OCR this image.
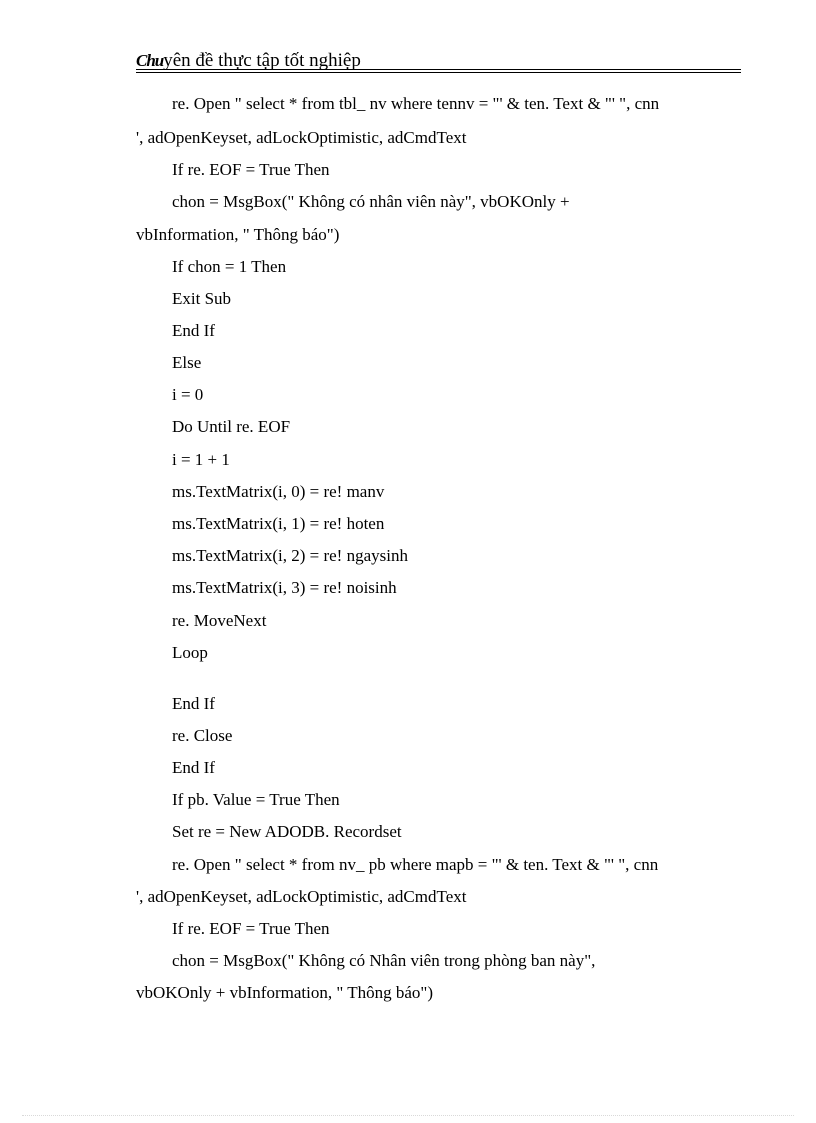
Chuyên đề thực tập tốt nghiệp
re. Open " select * from tbl_ nv where tennv = "' & ten. Text & "' ", cnn
', adOpenKeyset, adLockOptimistic, adCmdText
If re. EOF = True Then
chon = MsgBox(" Không có nhân viên này", vbOKOnly +
vbInformation, " Thông báo")
If chon = 1 Then
Exit Sub
End If
Else
i = 0
Do Until re. EOF
i = 1 + 1
ms.TextMatrix(i, 0) = re! manv
ms.TextMatrix(i, 1) = re! hoten
ms.TextMatrix(i, 2) = re! ngaysinh
ms.TextMatrix(i, 3) = re! noisinh
re. MoveNext
Loop
End If
re. Close
End If
If pb. Value = True Then
Set re = New ADODB. Recordset
re. Open " select * from nv_ pb where mapb = "' & ten. Text & "' ", cnn
', adOpenKeyset, adLockOptimistic, adCmdText
If re. EOF = True Then
chon = MsgBox(" Không có Nhân viên trong phòng ban này",
vbOKOnly + vbInformation, " Thông báo")
